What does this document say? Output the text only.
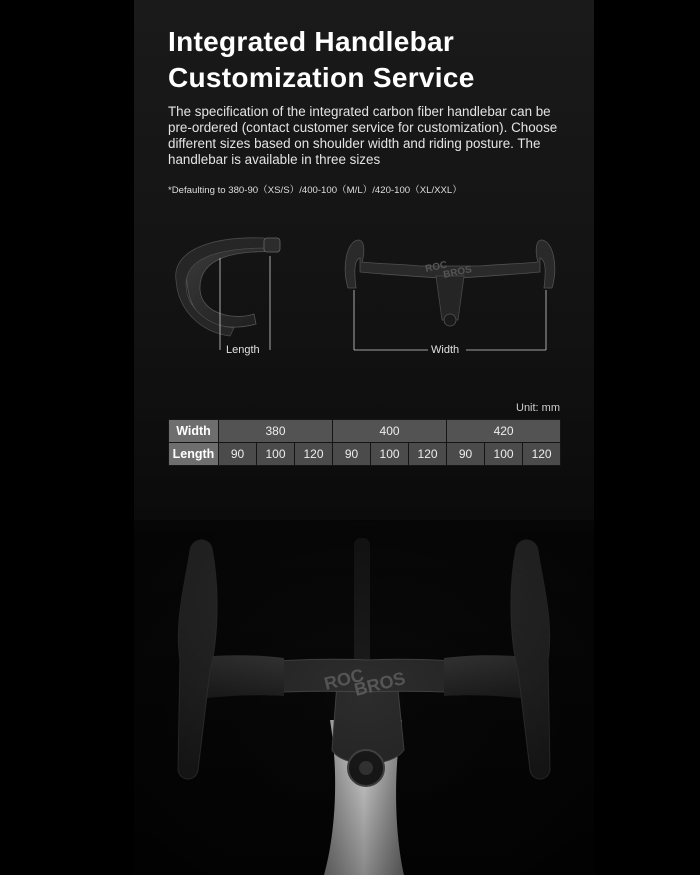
Integrated Handlebar
Customization Service
The specification of the integrated carbon fiber handlebar can be pre-ordered (contact customer service for customization). Choose different sizes based on shoulder width and riding posture. The handlebar is available in three sizes
*Defaulting to 380-90（XS/S）/400-100（M/L）/420-100（XL/XXL）
Length
ROC
BROS
Width
Unit: mm
Width	380			400			420		
Length	90	100	120	90	100	120	90	100	120
